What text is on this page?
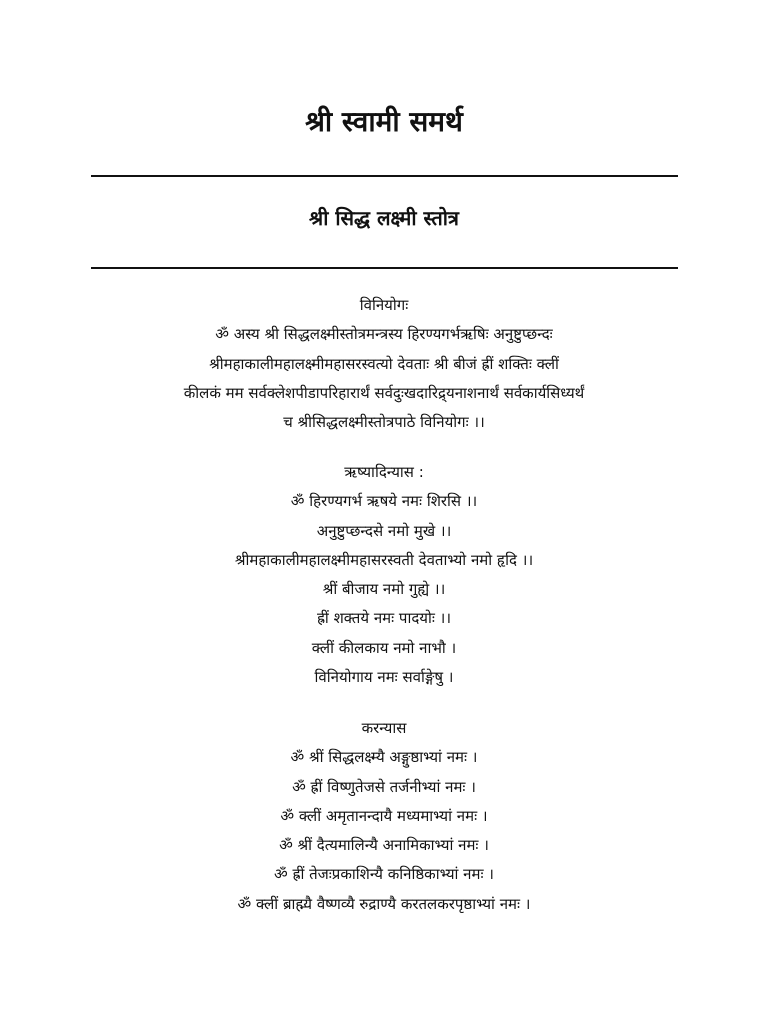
श्री स्वामी समर्थ
श्री सिद्ध लक्ष्मी स्तोत्र
विनियोगः
ॐ अस्य श्री सिद्धलक्ष्मीस्तोत्रमन्त्रस्य हिरण्यगर्भऋषिः अनुष्टुप्छन्दः
श्रीमहाकालीमहालक्ष्मीमहासरस्वत्यो देवताः श्री बीजं ह्रीं शक्तिः क्लीं
कीलकं मम सर्वक्लेशपीडापरिहारार्थं सर्वदुःखदारिद्र्यनाशनार्थं सर्वकार्यसिध्यर्थं
च श्रीसिद्धलक्ष्मीस्तोत्रपाठे विनियोगः ।।
ऋष्यादिन्यास :
ॐ हिरण्यगर्भ ऋषये नमः शिरसि ।।
अनुष्टुप्छन्दसे नमो मुखे ।।
श्रीमहाकालीमहालक्ष्मीमहासरस्वती देवताभ्यो नमो हृदि ।।
श्रीं बीजाय नमो गुह्ये ।।
ह्रीं शक्तये नमः पादयोः ।।
क्लीं कीलकाय नमो नाभौ ।
विनियोगाय नमः सर्वाङ्गेषु ।
करन्यास
ॐ श्रीं सिद्धलक्ष्म्यै अङ्गुष्ठाभ्यां नमः ।
ॐ ह्रीं विष्णुतेजसे तर्जनीभ्यां नमः ।
ॐ क्लीं अमृतानन्दायै मध्यमाभ्यां नमः ।
ॐ श्रीं दैत्यमालिन्यै अनामिकाभ्यां नमः ।
ॐ ह्रीं तेजःप्रकाशिन्यै कनिष्ठिकाभ्यां नमः ।
ॐ क्लीं ब्राह्म्यै वैष्णव्यै रुद्राण्यै करतलकरपृष्ठाभ्यां नमः ।
